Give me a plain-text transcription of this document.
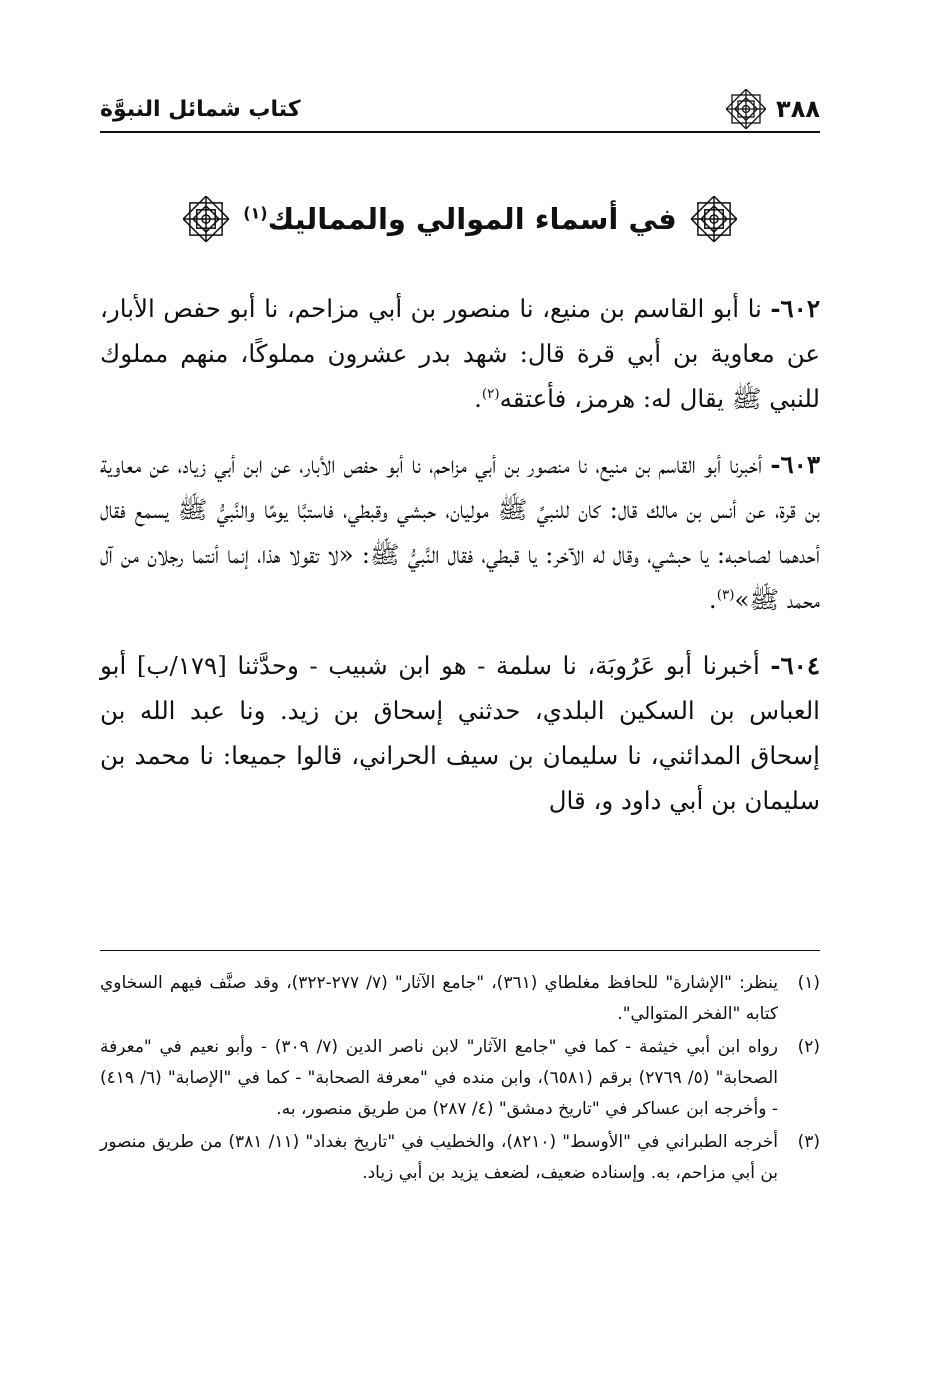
٣٨٨
كتاب شمائل النبوَّة
في أسماء الموالي والمماليك$^{(١)}$

٦٠٢- نا أبو القاسم بن منيع، نا منصور بن أبي مزاحم، نا أبو حفص الأبار، عن معاوية بن أبي قرة قال: شهد بدر عشرون مملوكًا، منهم مملوك للنبي ﷺ يقال له: هرمز، فأعتقه$^{(٢)}$.

٦٠٣- أخبرنا أبو القاسم بن منيع، نا منصور بن أبي مزاحم، نا أبو حفص الأبار، عن ابن أبي زياد، عن معاوية بن قرة، عن أنس بن مالك قال: كان للنبيِّ ﷺ موليان، حبشي وقبطي، فاستبَّا يومًا والنَّبيُّ ﷺ يسمع فقال أحدهما لصاحبه: يا حبشي، وقال له الآخر: يا قبطي، فقال النَّبيُّ ﷺ: «لا تقولا هذا، إنما أنتما رجلان من آل محمد ﷺ»$^{(٣)}$.

٦٠٤- أخبرنا أبو عَرُوبَة، نا سلمة - هو ابن شبيب - وحدَّثنا [١٧٩/ب] أبو العباس بن السكين البلدي، حدثني إسحاق بن زيد. ونا عبد الله بن إسحاق المدائني، نا سليمان بن سيف الحراني، قالوا جميعا: نا محمد بن سليمان بن أبي داود و، قال

(١)
ينظر: "الإشارة" للحافظ مغلطاي (٣٦١)، "جامع الآثار" (٧/ ٢٧٧-٣٢٢)، وقد صنَّف فيهم السخاوي كتابه "الفخر المتوالي".
(٢)
رواه ابن أبي خيثمة - كما في "جامع الآثار" لابن ناصر الدين (٧/ ٣٠٩) - وأبو نعيم في "معرفة الصحابة" (٥/ ٢٧٦٩) برقم (٦٥٨١)، وابن منده في "معرفة الصحابة" - كما في "الإصابة" (٦/ ٤١٩) - وأخرجه ابن عساكر في "تاريخ دمشق" (٤/ ٢٨٧) من طريق منصور، به.
(٣)
أخرجه الطبراني في "الأوسط" (٨٢١٠)، والخطيب في "تاريخ بغداد" (١١/ ٣٨١) من طريق منصور بن أبي مزاحم، به. وإسناده ضعيف، لضعف يزيد بن أبي زياد.
